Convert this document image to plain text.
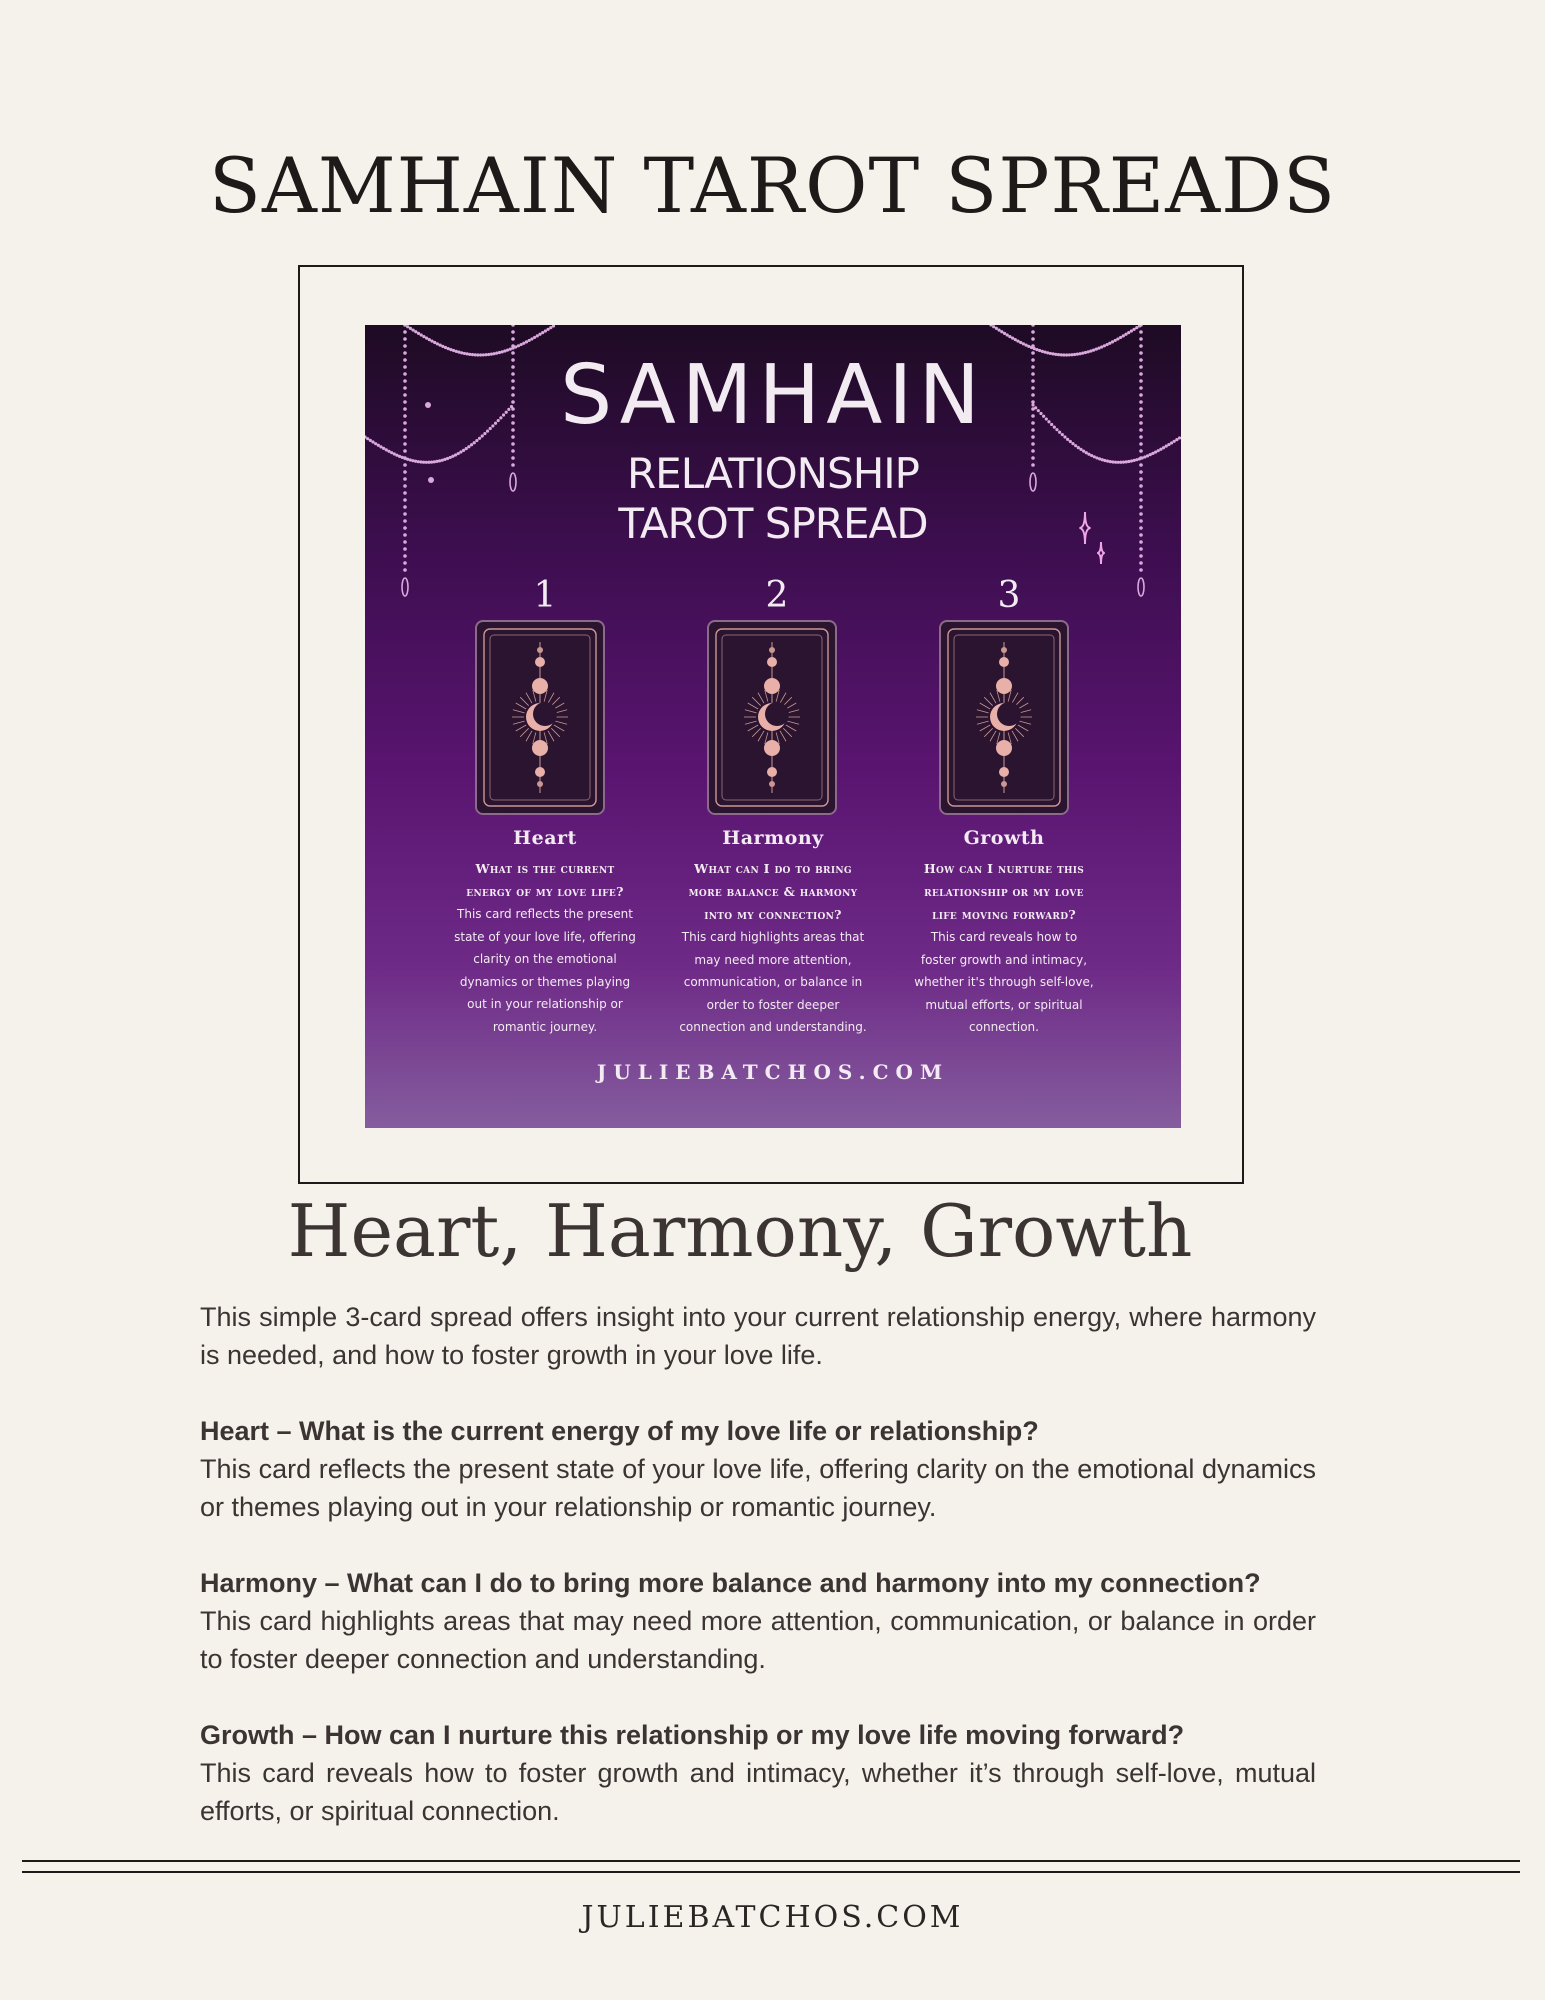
SAMHAIN TAROT SPREADS
SAMHAIN
RELATIONSHIP
TAROT SPREAD
1	2	3
Heart
What is the current
energy of my love life?
This card reflects the present
state of your love life, offering
clarity on the emotional
dynamics or themes playing
out in your relationship or
romantic journey.
Harmony
What can I do to bring
more balance & harmony
into my connection?
This card highlights areas that
may need more attention,
communication, or balance in
order to foster deeper
connection and understanding.
Growth
How can I nurture this
relationship or my love
life moving forward?
This card reveals how to
foster growth and intimacy,
whether it's through self-love,
mutual efforts, or spiritual
connection.
JULIEBATCHOS.COM
Heart, Harmony, Growth

This simple 3-card spread offers insight into your current relationship energy, where harmony is needed, and how to foster growth in your love life.

Heart – What is the current energy of my love life or relationship?

This card reflects the present state of your love life, offering clarity on the emotional dynamics or themes playing out in your relationship or romantic journey.

Harmony – What can I do to bring more balance and harmony into my connection?

This card highlights areas that may need more attention, communication, or balance in order to foster deeper connection and understanding.

Growth – How can I nurture this relationship or my love life moving forward?

This card reveals how to foster growth and intimacy, whether it’s through self-love, mutual efforts, or spiritual connection.

JULIEBATCHOS.COM
